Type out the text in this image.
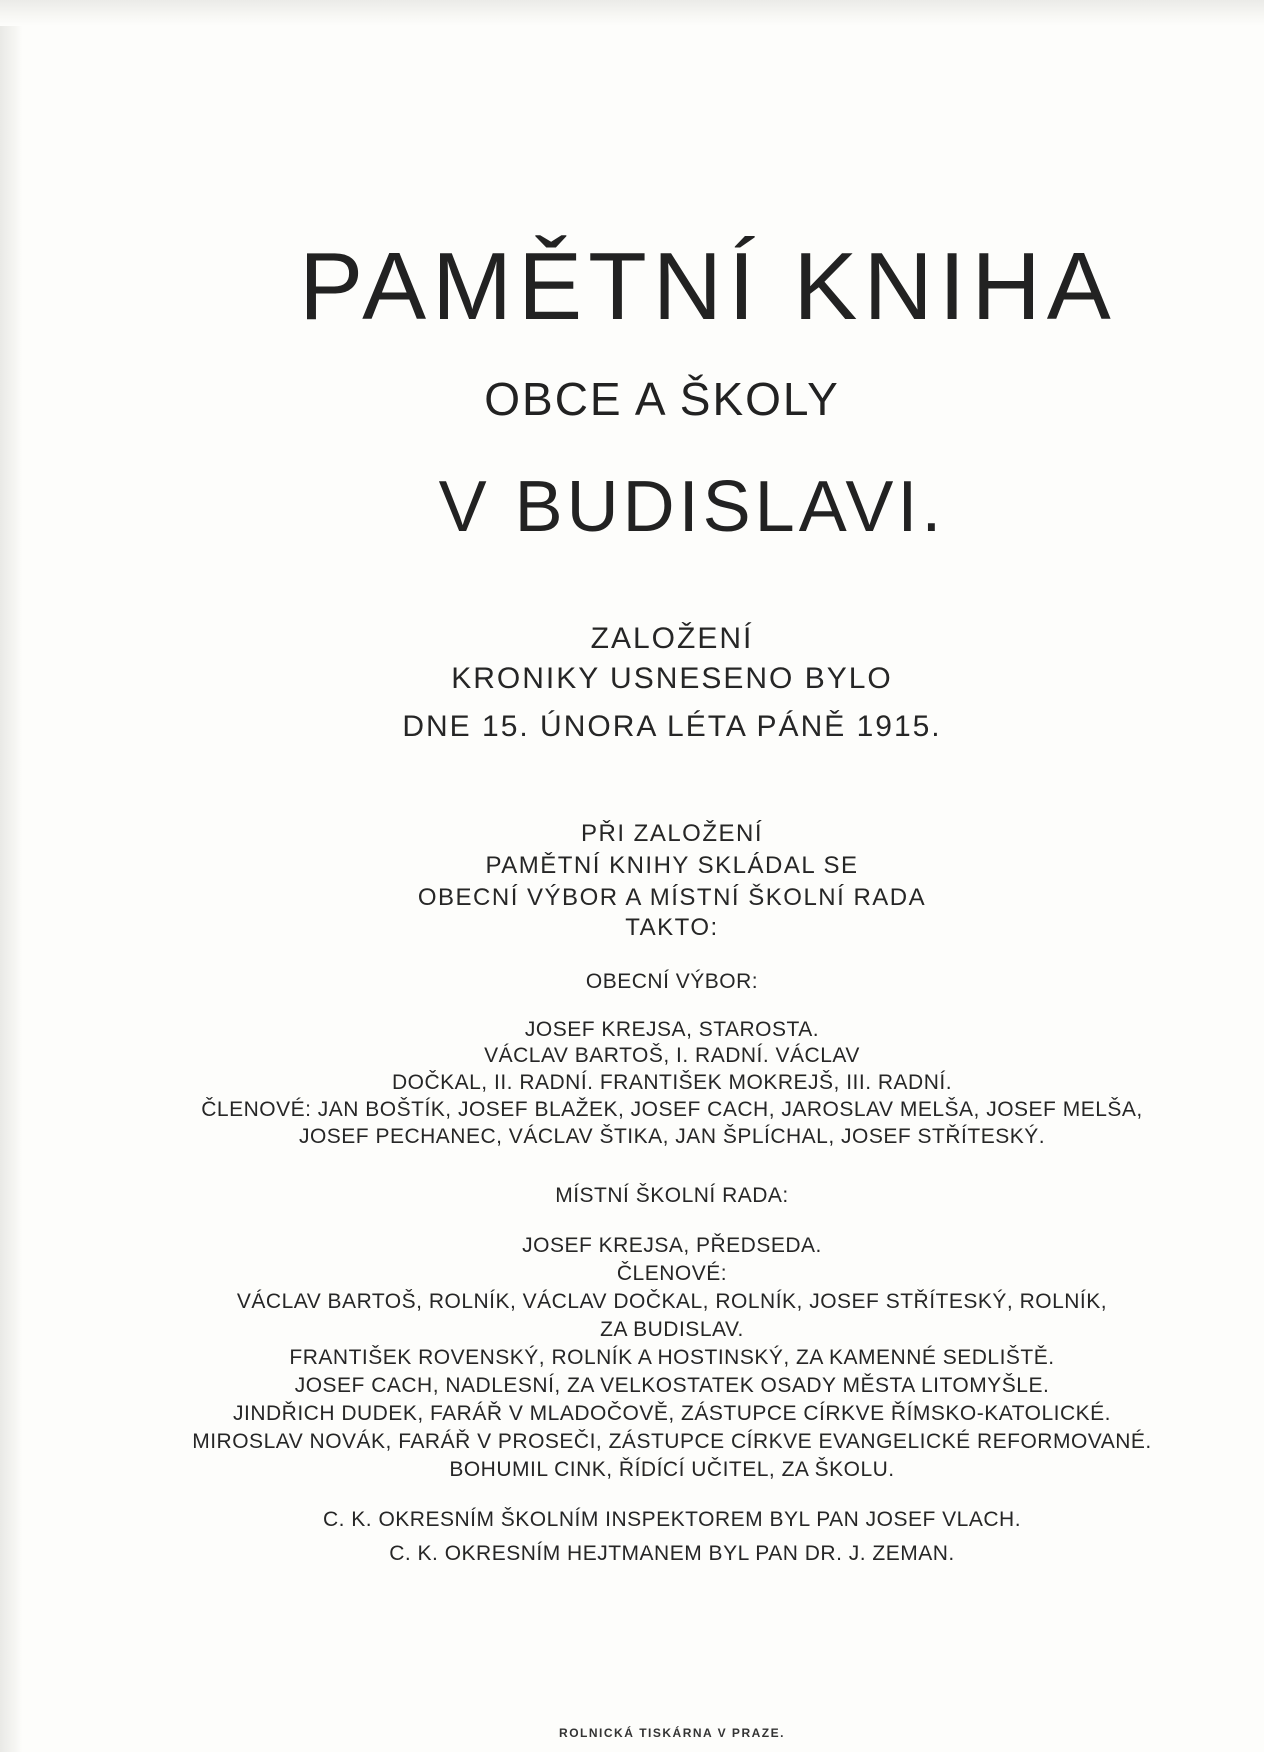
PAMĚTNÍ KNIHA
OBCE A ŠKOLY
V BUDISLAVI.
ZALOŽENÍ
KRONIKY USNESENO BYLO
DNE 15. ÚNORA LÉTA PÁNĚ 1915.
PŘI ZALOŽENÍ
PAMĚTNÍ KNIHY SKLÁDAL SE
OBECNÍ VÝBOR A MÍSTNÍ ŠKOLNÍ RADA
TAKTO:
OBECNÍ VÝBOR:
JOSEF KREJSA, STAROSTA.
VÁCLAV BARTOŠ, I. RADNÍ. VÁCLAV
DOČKAL, II. RADNÍ. FRANTIŠEK MOKREJŠ, III. RADNÍ.
ČLENOVÉ: JAN BOŠTÍK, JOSEF BLAŽEK, JOSEF CACH, JAROSLAV MELŠA, JOSEF MELŠA,
JOSEF PECHANEC, VÁCLAV ŠTIKA, JAN ŠPLÍCHAL, JOSEF STŘÍTESKÝ.
MÍSTNÍ ŠKOLNÍ RADA:
JOSEF KREJSA, PŘEDSEDA.
ČLENOVÉ:
VÁCLAV BARTOŠ, ROLNÍK, VÁCLAV DOČKAL, ROLNÍK, JOSEF STŘÍTESKÝ, ROLNÍK,
ZA BUDISLAV.
FRANTIŠEK ROVENSKÝ, ROLNÍK A HOSTINSKÝ, ZA KAMENNÉ SEDLIŠTĚ.
JOSEF CACH, NADLESNÍ, ZA VELKOSTATEK OSADY MĚSTA LITOMYŠLE.
JINDŘICH DUDEK, FARÁŘ V MLADOČOVĚ, ZÁSTUPCE CÍRKVE ŘÍMSKO-KATOLICKÉ.
MIROSLAV NOVÁK, FARÁŘ V PROSEČI, ZÁSTUPCE CÍRKVE EVANGELICKÉ REFORMOVANÉ.
BOHUMIL CINK, ŘÍDÍCÍ UČITEL, ZA ŠKOLU.
C. K. OKRESNÍM ŠKOLNÍM INSPEKTOREM BYL PAN JOSEF VLACH.
C. K. OKRESNÍM HEJTMANEM BYL PAN DR. J. ZEMAN.
ROLNICKÁ TISKÁRNA V PRAZE.
